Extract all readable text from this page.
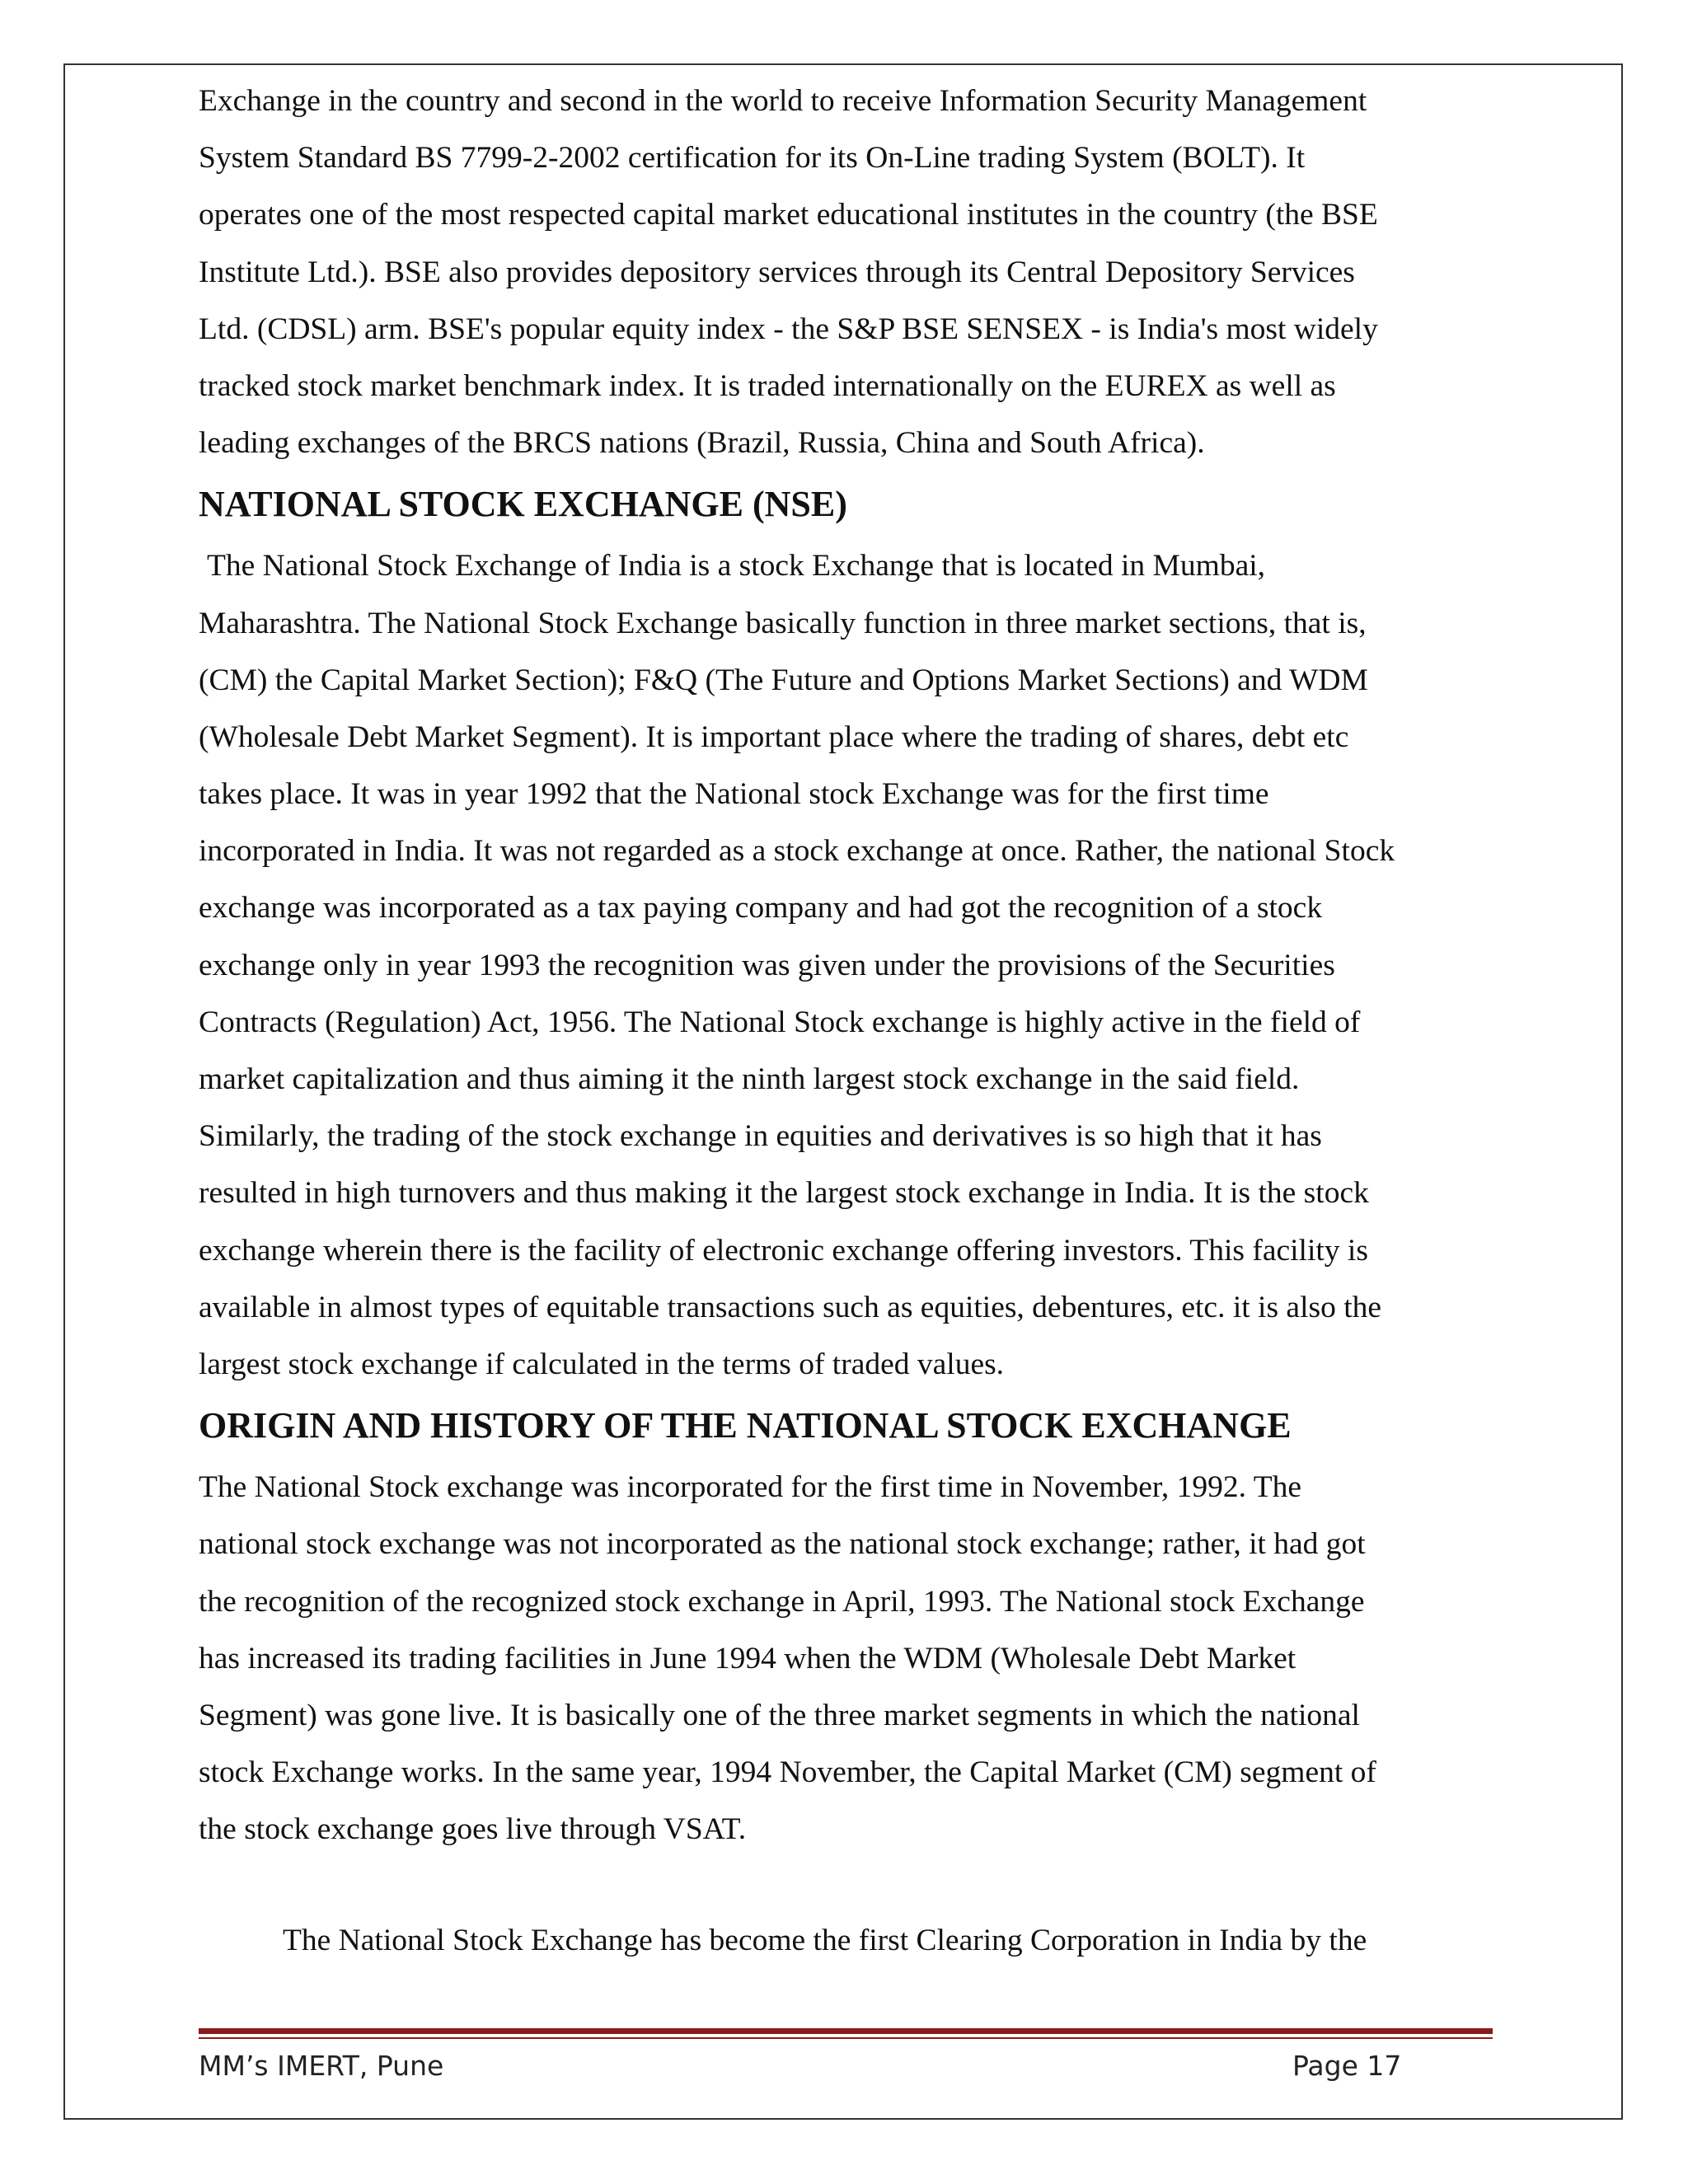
Exchange in the country and second in the world to receive Information Security Management
System Standard BS 7799-2-2002 certification for its On-Line trading System (BOLT). It
operates one of the most respected capital market educational institutes in the country (the BSE
Institute Ltd.). BSE also provides depository services through its Central Depository Services
Ltd. (CDSL) arm. BSE's popular equity index - the S&P BSE SENSEX - is India's most widely
tracked stock market benchmark index. It is traded internationally on the EUREX as well as
leading exchanges of the BRCS nations (Brazil, Russia, China and South Africa).
NATIONAL STOCK EXCHANGE (NSE)
The National Stock Exchange of India is a stock Exchange that is located in Mumbai,
Maharashtra. The National Stock Exchange basically function in three market sections, that is,
(CM) the Capital Market Section); F&Q (The Future and Options Market Sections) and WDM
(Wholesale Debt Market Segment). It is important place where the trading of shares, debt etc
takes place. It was in year 1992 that the National stock Exchange was for the first time
incorporated in India. It was not regarded as a stock exchange at once. Rather, the national Stock
exchange was incorporated as a tax paying company and had got the recognition of a stock
exchange only in year 1993 the recognition was given under the provisions of the Securities
Contracts (Regulation) Act, 1956. The National Stock exchange is highly active in the field of
market capitalization and thus aiming it the ninth largest stock exchange in the said field.
Similarly, the trading of the stock exchange in equities and derivatives is so high that it has
resulted in high turnovers and thus making it the largest stock exchange in India. It is the stock
exchange wherein there is the facility of electronic exchange offering investors. This facility is
available in almost types of equitable transactions such as equities, debentures, etc. it is also the
largest stock exchange if calculated in the terms of traded values.
ORIGIN AND HISTORY OF THE NATIONAL STOCK EXCHANGE
The National Stock exchange was incorporated for the first time in November, 1992. The
national stock exchange was not incorporated as the national stock exchange; rather, it had got
the recognition of the recognized stock exchange in April, 1993. The National stock Exchange
has increased its trading facilities in June 1994 when the WDM (Wholesale Debt Market
Segment) was gone live. It is basically one of the three market segments in which the national
stock Exchange works. In the same year, 1994 November, the Capital Market (CM) segment of
the stock exchange goes live through VSAT.
The National Stock Exchange has become the first Clearing Corporation in India by the
MM’s IMERT, Pune	Page 17
